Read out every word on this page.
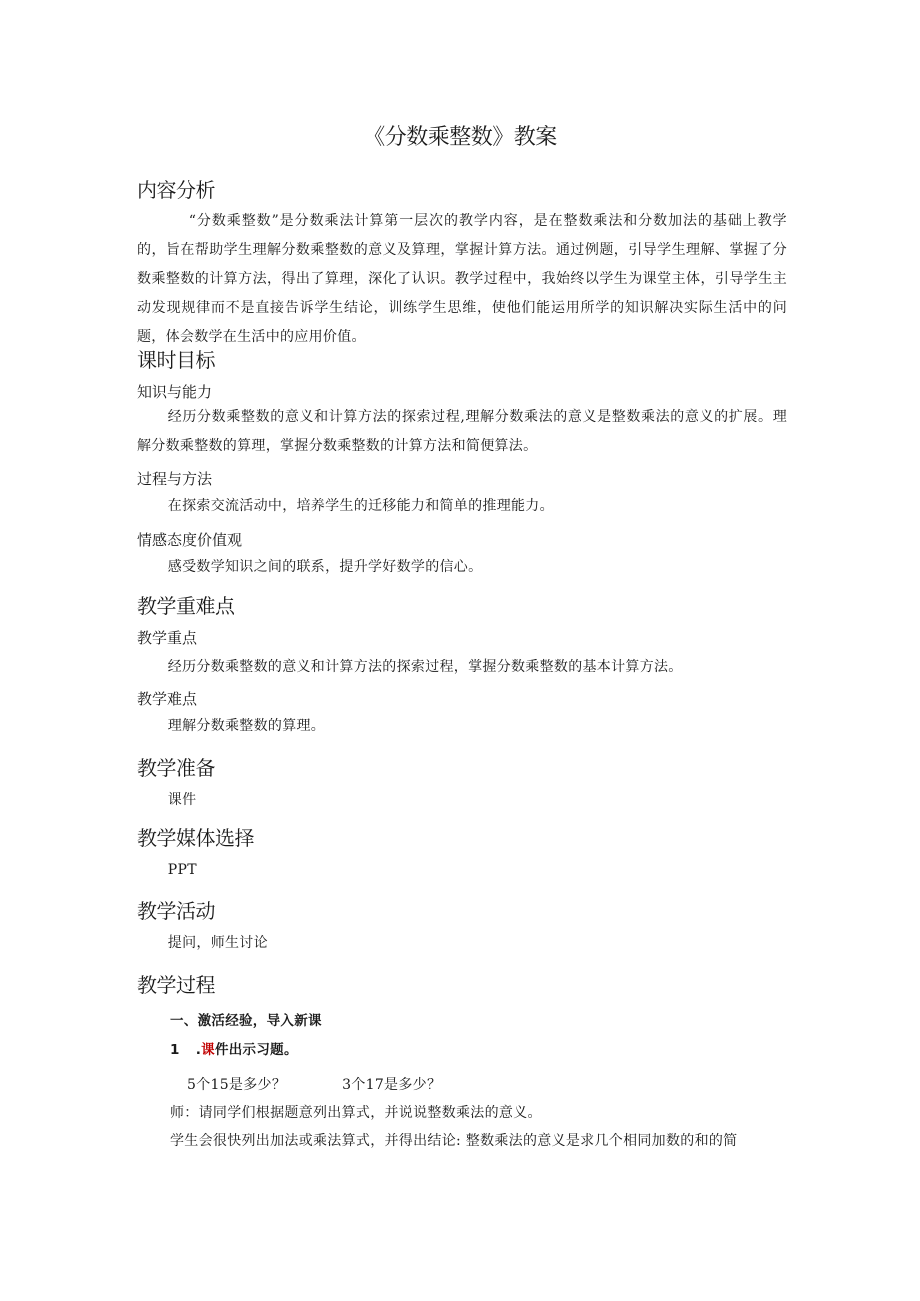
《分数乘整数》教案
内容分析
“分数乘整数”是分数乘法计算第一层次的教学内容，是在整数乘法和分数加法的基础上教学的，旨在帮助学生理解分数乘整数的意义及算理，掌握计算方法。通过例题，引导学生理解、掌握了分数乘整数的计算方法，得出了算理，深化了认识。教学过程中，我始终以学生为课堂主体，引导学生主动发现规律而不是直接告诉学生结论，训练学生思维，使他们能运用所学的知识解决实际生活中的问题，体会数学在生活中的应用价值。
课时目标
知识与能力
经历分数乘整数的意义和计算方法的探索过程,理解分数乘法的意义是整数乘法的意义的扩展。理解分数乘整数的算理，掌握分数乘整数的计算方法和简便算法。
过程与方法
在探索交流活动中，培养学生的迁移能力和简单的推理能力。
情感态度价值观
感受数学知识之间的联系，提升学好数学的信心。
教学重难点
教学重点
经历分数乘整数的意义和计算方法的探索过程，掌握分数乘整数的基本计算方法。
教学难点
理解分数乘整数的算理。
教学准备
课件
教学媒体选择
PPT
教学活动
提问，师生讨论
教学过程
一、激活经验，导入新课
1 .课件出示习题。
5个15是多少？	3个17是多少？
师：请同学们根据题意列出算式，并说说整数乘法的意义。
学生会很快列出加法或乘法算式，并得出结论: 整数乘法的意义是求几个相同加数的和的简
